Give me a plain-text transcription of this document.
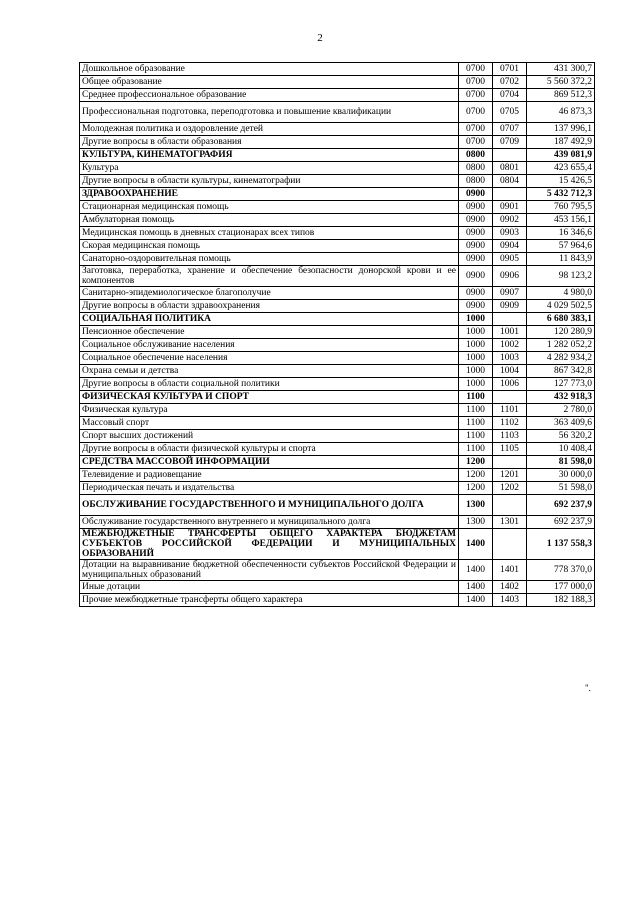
2
Дошкольное образование	0700	0701	431 300,7
Общее образование	0700	0702	5 560 372,2
Среднее профессиональное образование	0700	0704	869 512,3
Профессиональная подготовка, переподготовка и повышение квалификации	0700	0705	46 873,3
Молодежная политика и оздоровление детей	0700	0707	137 996,1
Другие вопросы в области образования	0700	0709	187 492,9
КУЛЬТУРА, КИНЕМАТОГРАФИЯ	0800		439 081,9
Культура	0800	0801	423 655,4
Другие вопросы в области культуры, кинематографии	0800	0804	15 426,5
ЗДРАВООХРАНЕНИЕ	0900		5 432 712,3
Стационарная медицинская помощь	0900	0901	760 795,5
Амбулаторная помощь	0900	0902	453 156,1
Медицинская помощь в дневных стационарах всех типов	0900	0903	16 346,6
Скорая медицинская помощь	0900	0904	57 964,6
Санаторно-оздоровительная помощь	0900	0905	11 843,9
Заготовка, переработка, хранение и обеспечение безопасности донорской крови и ее компонентов	0900	0906	98 123,2
Санитарно-эпидемиологическое благополучие	0900	0907	4 980,0
Другие вопросы в области здравоохранения	0900	0909	4 029 502,5
СОЦИАЛЬНАЯ ПОЛИТИКА	1000		6 680 383,1
Пенсионное обеспечение	1000	1001	120 280,9
Социальное обслуживание населения	1000	1002	1 282 052,2
Социальное обеспечение населения	1000	1003	4 282 934,2
Охрана семьи и детства	1000	1004	867 342,8
Другие вопросы в области социальной политики	1000	1006	127 773,0
ФИЗИЧЕСКАЯ КУЛЬТУРА И СПОРТ	1100		432 918,3
Физическая культура	1100	1101	2 780,0
Массовый спорт	1100	1102	363 409,6
Спорт высших достижений	1100	1103	56 320,2
Другие вопросы в области физической культуры и спорта	1100	1105	10 408,4
СРЕДСТВА МАССОВОЙ ИНФОРМАЦИИ	1200		81 598,0
Телевидение и радиовещание	1200	1201	30 000,0
Периодическая печать и издательства	1200	1202	51 598,0
ОБСЛУЖИВАНИЕ ГОСУДАРСТВЕННОГО И МУНИЦИПАЛЬНОГО ДОЛГА	1300		692 237,9
Обслуживание государственного внутреннего и муниципального долга	1300	1301	692 237,9
МЕЖБЮДЖЕТНЫЕ ТРАНСФЕРТЫ ОБЩЕГО ХАРАКТЕРА БЮДЖЕТАМ СУБЪЕКТОВ РОССИЙСКОЙ ФЕДЕРАЦИИ И МУНИЦИПАЛЬНЫХ ОБРАЗОВАНИЙ	1400		1 137 558,3
Дотации на выравнивание бюджетной обеспеченности субъектов Российской Федерации и муниципальных образований	1400	1401	778 370,0
Иные дотации	1400	1402	177 000,0
Прочие межбюджетные трансферты общего характера	1400	1403	182 188,3
".
